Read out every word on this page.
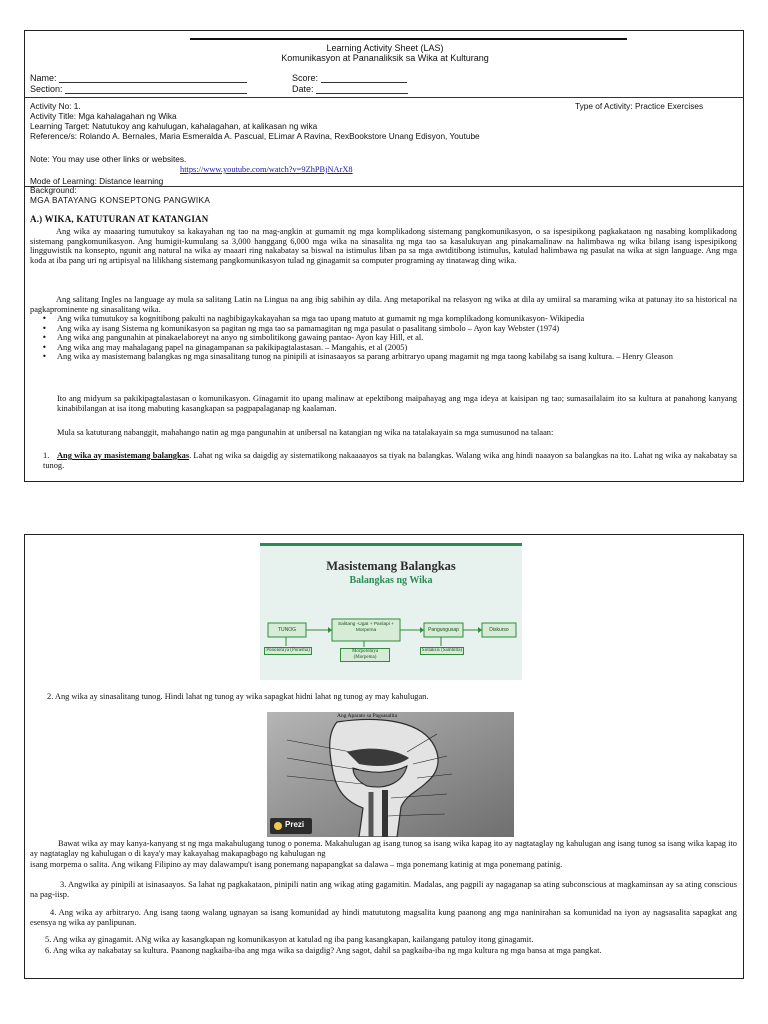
Learning Activity Sheet (LAS)
Komunikasyon at Pananaliksik sa Wika at Kulturang
Name:
Section:
Score:
Date:
Activity No: 1.	Type of Activity: Practice Exercises
Activity Title: Mga kahalagahan ng Wika
Learning Target: Natutukoy ang kahulugan, kahalagahan, at kalikasan ng wika
Reference/s: Rolando A. Bernales, Maria Esmeralda A. Pascual, ELimar A Ravina, RexBookstore Unang Edisyon, Youtube
Note: You may use other links or websites.
https://www.youtube.com/watch?v=9ZhPBjNArX8
Mode of Learning: Distance learning
Background:
MGA BATAYANG KONSEPTONG PANGWIKA
A.) WIKA, KATUTURAN AT KATANGIAN
Ang wika ay maaaring tumutukoy sa kakayahan ng tao na mag-angkin at gumamit ng mga komplikadong sistemang pangkomunikasyon, o sa ispesipikong pagkakataon ng nasabing komplikadong sistemang pangkomunikasyon. Ang humigit-kumulang sa 3,000 hanggang 6,000 mga wika na sinasalita ng mga tao sa kasalukuyan ang pinakamalinaw na halimbawa ng wika bilang isang ispesipikong lingguwistik na konsepto, ngunit ang natural na wika ay maaari ring nakabatay sa biswal na istimulus liban pa sa mga awtditibong istimulus, katulad halimbawa ng pasulat na wika at sign language. Ang mga koda at iba pang uri ng artipisyal na lilikhang sistemang pangkomunikasyon tulad ng ginagamit sa computer programing ay tinatawag ding wika.
Ang salitang Ingles na language ay mula sa salitang Latin na Lingua na ang ibig sabihin ay dila. Ang metaporikal na relasyon ng wika at dila ay umiiral sa maraming wika at patunay ito sa historical na pagkaprominente ng sinasalitang wika.
• Ang wika tumutukoy sa kognitibong pakulti na nagbibigaykakayahan sa mga tao upang matuto at gumamit ng mga komplikadong komunikasyon- Wikipedia
• Ang wika ay isang Sistema ng komunikasyon sa pagitan ng mga tao sa pamamagitan ng mga pasulat o pasalitang simbolo – Ayon kay Webster (1974)
• Ang wika ang pangunahin at pinakaelaboreyt na anyo ng simbolitikong gawaing pantao- Ayon kay Hill, et al.
• Ang wika ang may mahalagang papel na ginagampanan sa pakikipagtalastasan. – Mangahis, et al (2005)
• Ang wika ay masistemang balangkas ng mga sinasalitang tunog na pinipili at isinasaayos sa parang arbitraryo upang magamit ng mga taong kabilabg sa isang kultura. – Henry Gleason
Ito ang midyum sa pakikipagtalastasan o komunikasyon. Ginagamit ito upang malinaw at epektibong maipahayag ang mga ideya at kaisipan ng tao; sumasailalaim ito sa kultura at panahong kanyang kinabibilangan at isa itong mabuting kasangkapan sa pagpapalaganap ng kaalaman.
Mula sa katuturang nabanggit, mahahango natin ag mga pangunahin at unibersal na katangian ng wika na tatalakayain sa mga sumusunod na talaan:
1. Ang wika ay masistemang balangkas. Lahat ng wika sa daigdig ay sistematikong nakaaaayos sa tiyak na balangkas. Walang wika ang hindi naaayon sa balangkas na ito. Lahat ng wika ay nakabatay sa tunog.
Masistemang Balangkas
Balangkas ng Wika
TUNOG
Salitang -Ugat + Panlapi + Morpema	Pangungusap	Diskurso
Ponolohiya (Ponema)	Morpolohiya (Morpema)
Sintaksis (Sambitla)
2. Ang wika ay sinasalitang tunog. Hindi lahat ng tunog ay wika sapagkat hidni lahat ng tunog ay may kahulugan.
Ang Aparato sa Pagsasalita
Prezi
Bawat wika ay may kanya-kanyang st ng mga makahulugang tunog o ponema. Makahulugan ag isang tunog sa isang wika kapag ito ay nagtataglay ng kahulugan ang isang tunog sa isang wika kapag ito ay nagtataglay ng kahulugan o di kaya'y may kakayahag makapagbago ng kahulugan ng
isang morpema o salita. Ang wikang Filipino ay may dalawampu't isang ponemang napapangkat sa dalawa – mga ponemang katinig at mga ponemang patinig.
3. Angwika ay pinipili at isinasaayos. Sa lahat ng pagkakataon, pinipili natin ang wikag ating gagamitin. Madalas, ang pagpili ay nagaganap sa ating subconscious at magkaminsan ay sa ating conscious na pag-iisp.
4. Ang wika ay arbitraryo. Ang isang taong walang ugnayan sa isang komunidad ay hindi matututong magsalita kung paanong ang mga naninirahan sa komunidad na iyon ay nagsasalita sapagkat ang esensya ng wika ay panlipunan.
5. Ang wika ay ginagamit. ANg wika ay kasangkapan ng komunikasyon at katulad ng iba pang kasangkapan, kailangang patuloy itong ginagamit.
6. Ang wika ay nakabatay sa kultura. Paanong nagkaiba-iba ang mga wika sa daigdig? Ang sagot, dahil sa pagkaiba-iba ng mga kultura ng mga bansa at mga pangkat.
